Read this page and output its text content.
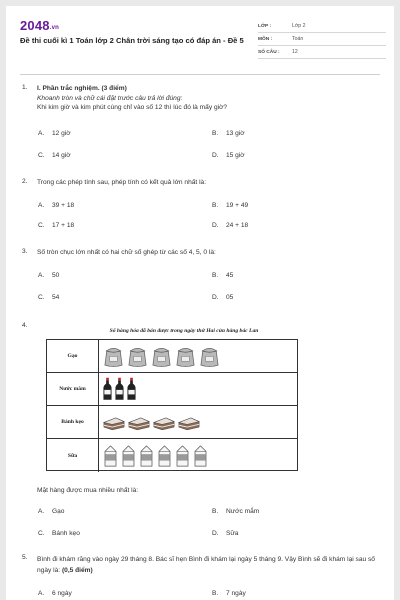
2048.vn
Đề thi cuối kì 1 Toán lớp 2 Chân trời sáng tạo có đáp án - Đề 5
LỚP :	Lớp 2
MÔN :	Toán
SỐ CÂU :	12
1. I. Phần trắc nghiệm. (3 điểm)
Khoanh tròn và chữ cái đặt trước câu trả lời đúng:
Khi kim giờ và kim phút cùng chỉ vào số 12 thì lúc đó là mấy giờ?
A. 12 giờ	B. 13 giờ
C. 14 giờ	D. 15 giờ
2. Trong các phép tính sau, phép tính có kết quả lớn nhất là:
A. 39 + 18	B. 19 + 49
C. 17 + 18	D. 24 + 18
3. Số tròn chục lớn nhất có hai chữ số ghép từ các số 4, 5, 0 là:
A. 50	B. 45
C. 54	D. 05
4.
Số hàng hóa đã bán được trong ngày thứ Hai cửa hàng bác Lan
Gạo
Nước mắm
Bánh kẹo
Sữa
Mặt hàng được mua nhiều nhất là:
A. Gạo	B. Nước mắm
C. Bánh kẹo	D. Sữa
5. Bình đi khám răng vào ngày 29 tháng 8. Bác sĩ hẹn Bình đi khám lại ngày 5 tháng 9. Vậy Bình sẽ đi khám lại sau số ngày là: (0,5 điểm)
A. 6 ngày	B. 7 ngày
